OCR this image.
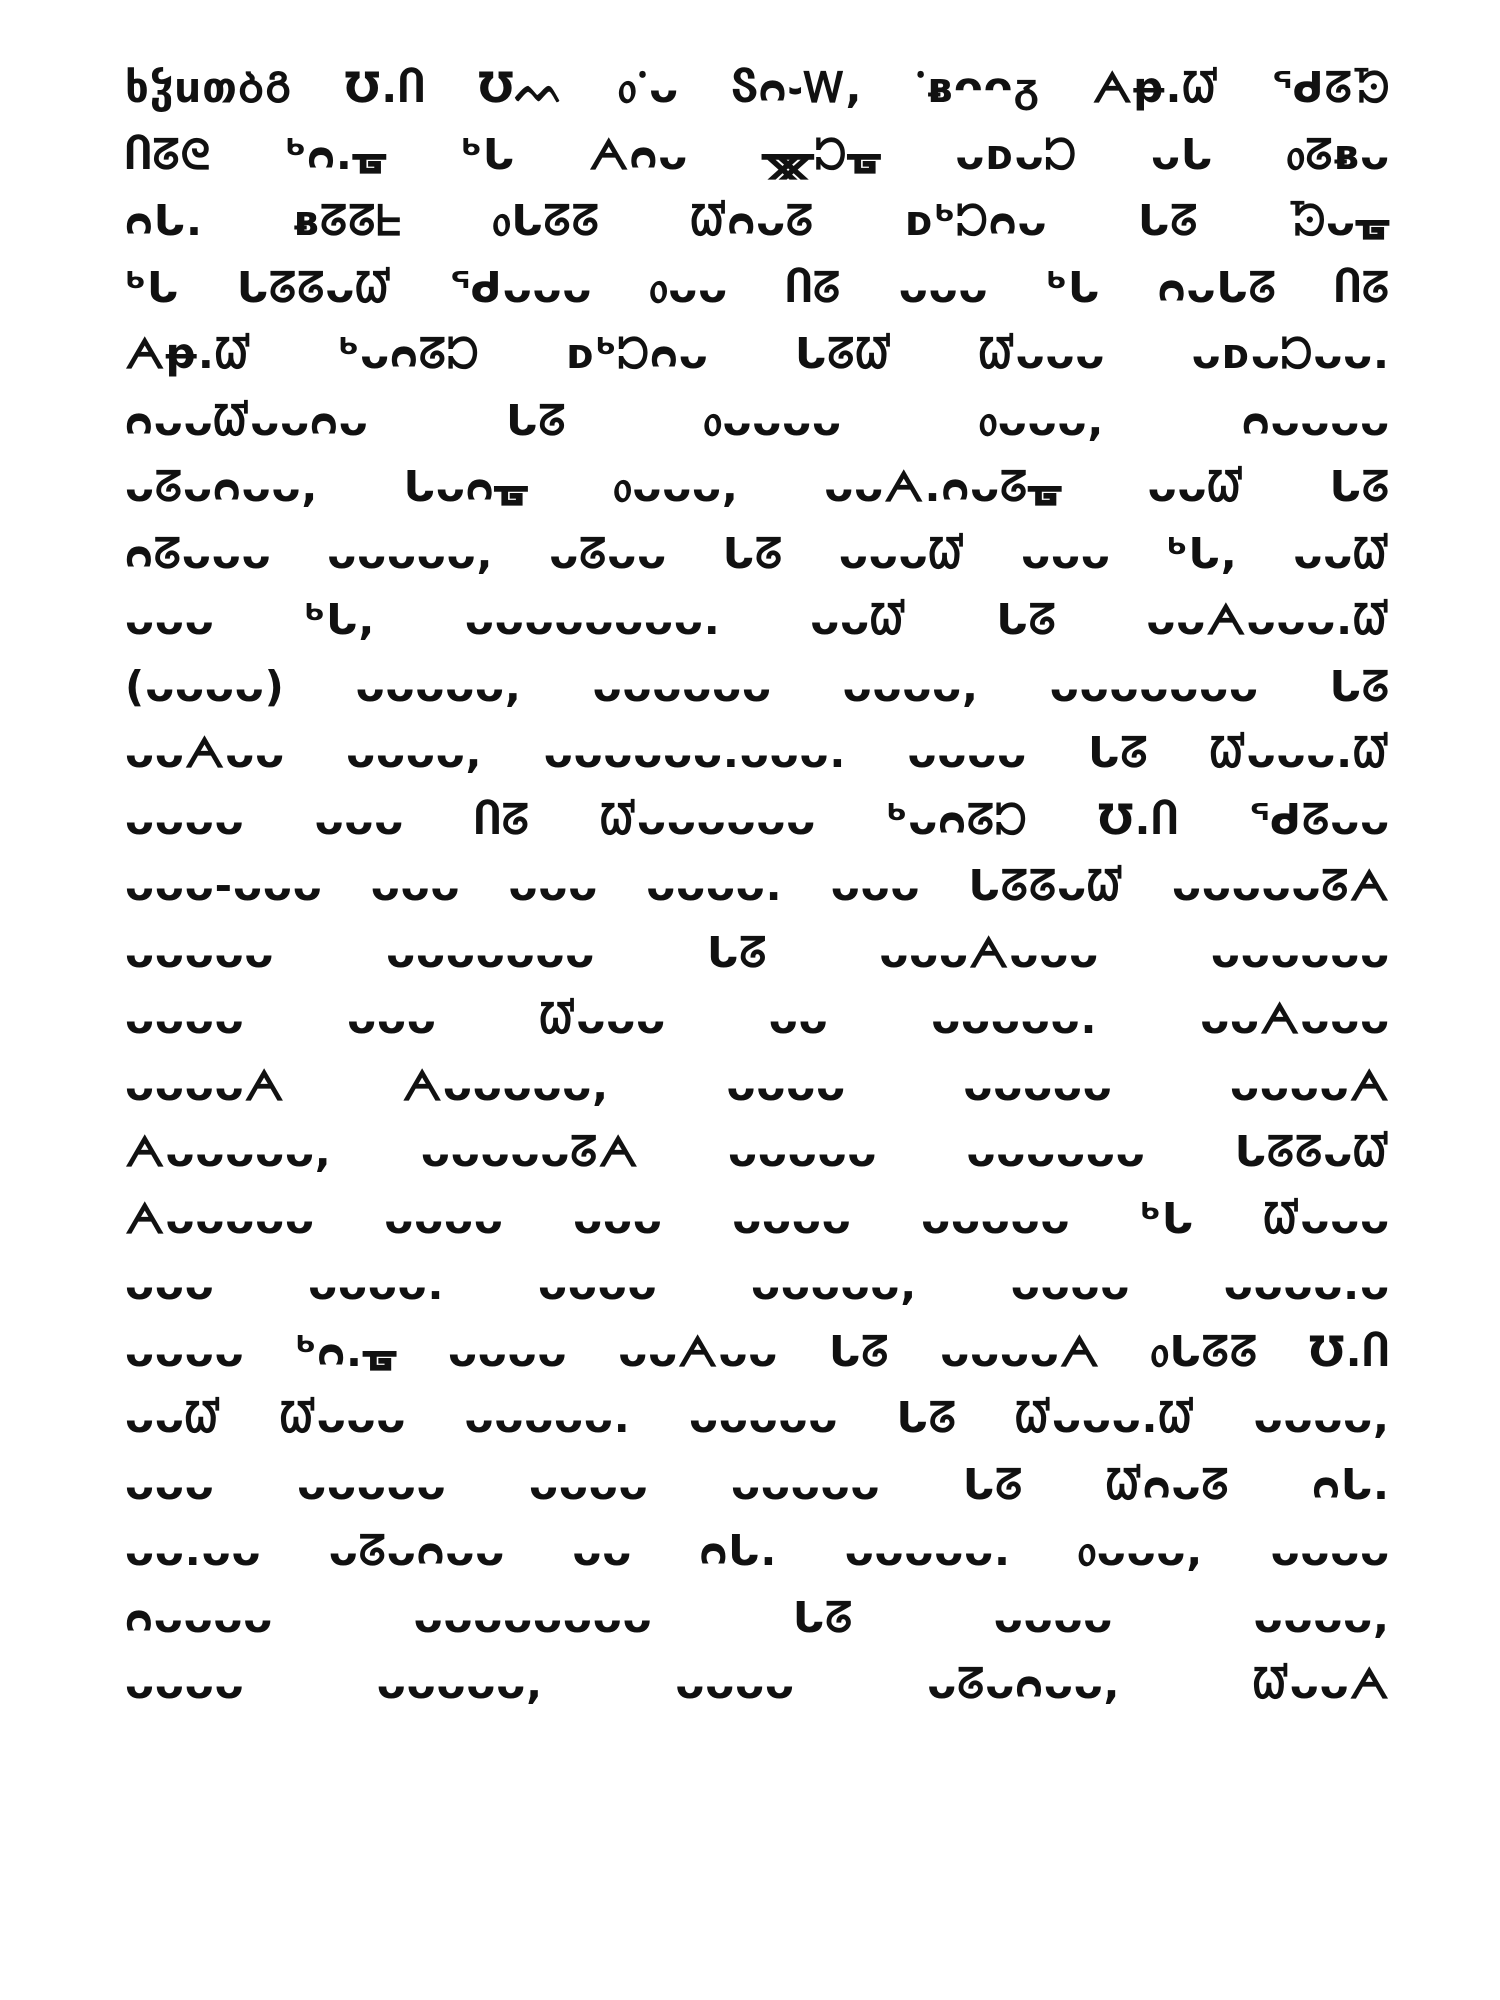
ხჴսთᲑᲒ ℧.Ⴖ ℧ᨓ ᥆ᱸᴗ Ⴝᴒ֊Ꮃ, ᱸᴃᴖᴖᵹ ᗅᵽ.ᘺ ᖁᘔᘸ
Ⴖᘔᘓ ᒃᴒ.ᚗ ᒃᒐ ᗅᴒᴗ ᚘᘰᚗ ᴗᴅᴗᘰ ᴗᒐ ᥆ᘔᴃᴗ
ᴒᒐ. ᴃᘔᘔᖶ ᥆ᒐᘔᘔ ᘺᴒᴗᘔ ᴅᒃᘰᴒᴗ ᒐᘔ ᘸᴗᚗ
ᒃᒐ ᒐᘔᘔᴗᘺ ᖁᴗᴗᴗ ᥆ᴗᴗ Ⴖᘔ ᴗᴗᴗ ᒃᒐ ᴒᴗᒐᘔ Ⴖᘔ
ᗅᵽ.ᘺ ᒃᴗᴒᘔᘰ ᴅᒃᘰᴒᴗ ᒐᘔᘺ ᘺᴗᴗᴗ ᴗᴅᴗᘰᴗᴗ.
ᴒᴗᴗᘺᴗᴗᴒᴗ ᒐᘔ ᥆ᴗᴗᴗᴗ ᥆ᴗᴗᴗ, ᴒᴗᴗᴗᴗ
ᴗᘔᴗᴒᴗᴗ, ᒐᴗᴒᚗ ᥆ᴗᴗᴗ, ᴗᴗᗅ.ᴒᴗᘔᚗ ᴗᴗᘺ ᒐᘔ
ᴒᘔᴗᴗᴗ ᴗᴗᴗᴗᴗ, ᴗᘔᴗᴗ ᒐᘔ ᴗᴗᴗᘺ ᴗᴗᴗ ᒃᒐ, ᴗᴗᘺ
ᴗᴗᴗ ᒃᒐ, ᴗᴗᴗᴗᴗᴗᴗᴗ. ᴗᴗᘺ ᒐᘔ ᴗᴗᗅᴗᴗᴗ.ᘺ
(ᴗᴗᴗᴗ) ᴗᴗᴗᴗᴗ, ᴗᴗᴗᴗᴗᴗ ᴗᴗᴗᴗ, ᴗᴗᴗᴗᴗᴗᴗ ᒐᘔ
ᴗᴗᗅᴗᴗ ᴗᴗᴗᴗ, ᴗᴗᴗᴗᴗᴗ.ᴗᴗᴗ. ᴗᴗᴗᴗ ᒐᘔ ᘺᴗᴗᴗ.ᘺ
ᴗᴗᴗᴗ ᴗᴗᴗ Ⴖᘔ ᘺᴗᴗᴗᴗᴗᴗ ᒃᴗᴒᘔᘰ ℧.Ⴖ ᖁᘔᴗᴗ
ᴗᴗᴗ-ᴗᴗᴗ ᴗᴗᴗ ᴗᴗᴗ ᴗᴗᴗᴗ. ᴗᴗᴗ ᒐᘔᘔᴗᘺ ᴗᴗᴗᴗᴗᘔᗅ
ᴗᴗᴗᴗᴗ ᴗᴗᴗᴗᴗᴗᴗ ᒐᘔ ᴗᴗᴗᗅᴗᴗᴗ ᴗᴗᴗᴗᴗᴗ
ᴗᴗᴗᴗ ᴗᴗᴗ ᘺᴗᴗᴗ ᴗᴗ ᴗᴗᴗᴗᴗ. ᴗᴗᗅᴗᴗᴗ
ᴗᴗᴗᴗᗅ ᗅᴗᴗᴗᴗᴗ, ᴗᴗᴗᴗ ᴗᴗᴗᴗᴗ ᴗᴗᴗᴗᗅ
ᗅᴗᴗᴗᴗᴗ, ᴗᴗᴗᴗᴗᘔᗅ ᴗᴗᴗᴗᴗ ᴗᴗᴗᴗᴗᴗ ᒐᘔᘔᴗᘺ
ᗅᴗᴗᴗᴗᴗ ᴗᴗᴗᴗ ᴗᴗᴗ ᴗᴗᴗᴗ ᴗᴗᴗᴗᴗ ᒃᒐ ᘺᴗᴗᴗ
ᴗᴗᴗ ᴗᴗᴗᴗ. ᴗᴗᴗᴗ ᴗᴗᴗᴗᴗ, ᴗᴗᴗᴗ ᴗᴗᴗᴗ.ᴗ
ᴗᴗᴗᴗ ᒃᴒ.ᚗ ᴗᴗᴗᴗ ᴗᴗᗅᴗᴗ ᒐᘔ ᴗᴗᴗᴗᗅ ᥆ᒐᘔᘔ ℧.Ⴖ
ᴗᴗᘺ ᘺᴗᴗᴗ ᴗᴗᴗᴗᴗ. ᴗᴗᴗᴗᴗ ᒐᘔ ᘺᴗᴗᴗ.ᘺ ᴗᴗᴗᴗ,
ᴗᴗᴗ ᴗᴗᴗᴗᴗ ᴗᴗᴗᴗ ᴗᴗᴗᴗᴗ ᒐᘔ ᘺᴒᴗᘔ ᴒᒐ.
ᴗᴗ.ᴗᴗ ᴗᘔᴗᴒᴗᴗ ᴗᴗ ᴒᒐ. ᴗᴗᴗᴗᴗ. ᥆ᴗᴗᴗ, ᴗᴗᴗᴗ
ᴒᴗᴗᴗᴗ ᴗᴗᴗᴗᴗᴗᴗᴗ ᒐᘔ ᴗᴗᴗᴗ ᴗᴗᴗᴗ,
ᴗᴗᴗᴗ ᴗᴗᴗᴗᴗ, ᴗᴗᴗᴗ ᴗᘔᴗᴒᴗᴗ, ᘺᴗᴗᗅ
